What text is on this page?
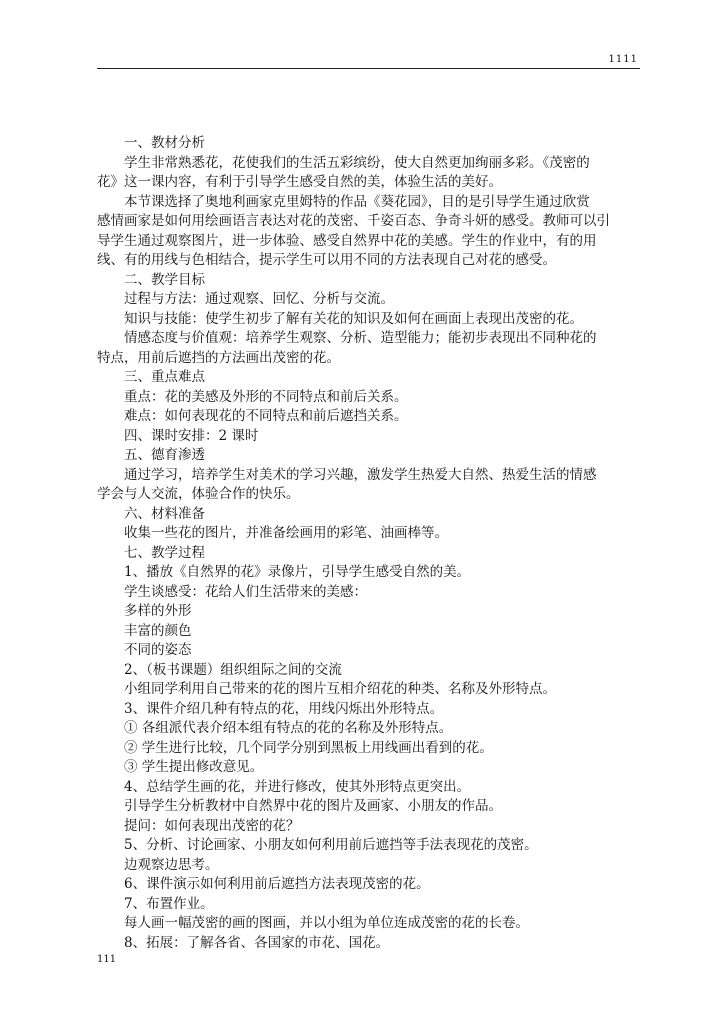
1111

一、教材分析

学生非常熟悉花，花使我们的生活五彩缤纷，使大自然更加绚丽多彩。《茂密的

花》这一课内容，有利于引导学生感受自然的美，体验生活的美好。

本节课选择了奥地利画家克里姆特的作品《葵花园》，目的是引导学生通过欣赏

感情画家是如何用绘画语言表达对花的茂密、千姿百态、争奇斗妍的感受。教师可以引

导学生通过观察图片，进一步体验、感受自然界中花的美感。学生的作业中，有的用

线、有的用线与色相结合，提示学生可以用不同的方法表现自己对花的感受。

二、教学目标

过程与方法：通过观察、回忆、分析与交流。

知识与技能：使学生初步了解有关花的知识及如何在画面上表现出茂密的花。

情感态度与价值观：培养学生观察、分析、造型能力；能初步表现出不同种花的

特点，用前后遮挡的方法画出茂密的花。

三、重点难点

重点：花的美感及外形的不同特点和前后关系。

难点：如何表现花的不同特点和前后遮挡关系。

四、课时安排：2 课时

五、德育渗透

通过学习，培养学生对美术的学习兴趣，激发学生热爱大自然、热爱生活的情感

学会与人交流，体验合作的快乐。

六、材料准备

收集一些花的图片，并准备绘画用的彩笔、油画棒等。

七、教学过程

1、播放《自然界的花》录像片，引导学生感受自然的美。

学生谈感受：花给人们生活带来的美感：

多样的外形

丰富的颜色

不同的姿态

2、（板书课题）组织组际之间的交流

小组同学利用自己带来的花的图片互相介绍花的种类、名称及外形特点。

3、课件介绍几种有特点的花，用线闪烁出外形特点。

① 各组派代表介绍本组有特点的花的名称及外形特点。

② 学生进行比较，几个同学分别到黑板上用线画出看到的花。

③ 学生提出修改意见。

4、总结学生画的花，并进行修改，使其外形特点更突出。

引导学生分析教材中自然界中花的图片及画家、小朋友的作品。

提问：如何表现出茂密的花？

5、分析、讨论画家、小朋友如何利用前后遮挡等手法表现花的茂密。

边观察边思考。

6、课件演示如何利用前后遮挡方法表现茂密的花。

7、布置作业。

每人画一幅茂密的画的图画，并以小组为单位连成茂密的花的长卷。

8、拓展：了解各省、各国家的市花、国花。

111
